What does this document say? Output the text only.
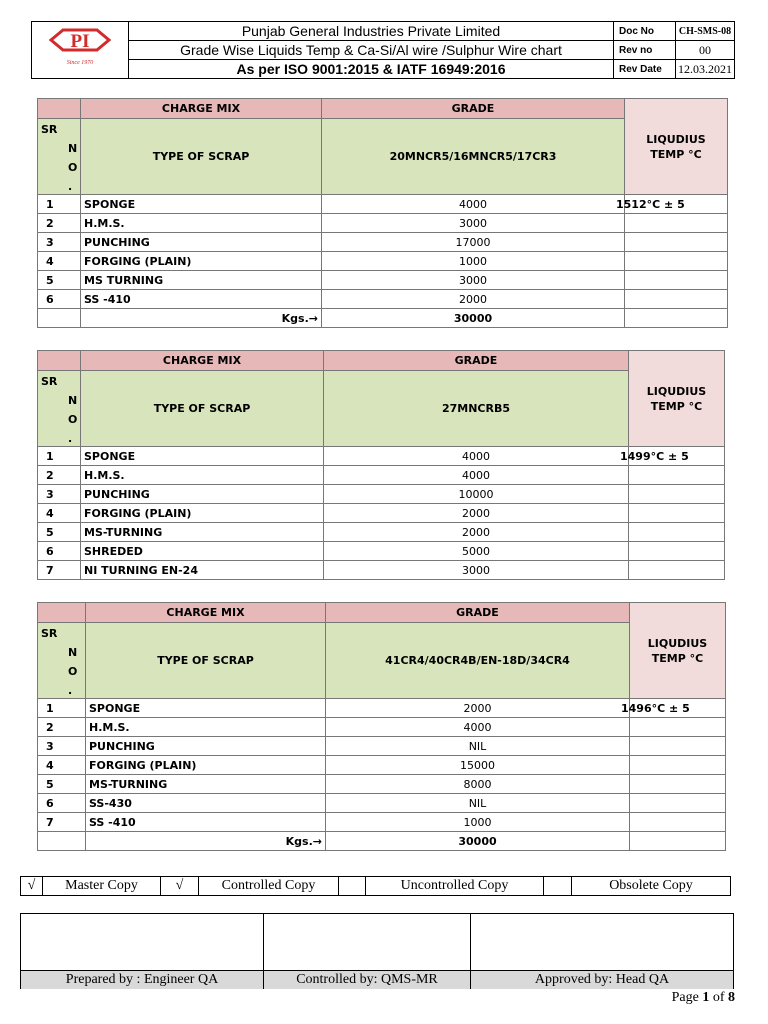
PI
Since 1970
Punjab General Industries Private Limited
Grade Wise Liquids Temp & Ca-Si/Al wire /Sulphur Wire chart
As per ISO 9001:2015 & IATF 16949:2016
Doc No	CH-SMS-08
Rev no	00
Rev Date	12.03.2021
	CHARGE MIX	GRADE	LIQUDIUS TEMP °C

SR
N
O
.	TYPE OF SCRAP	20MNCR5/16MNCR5/17CR3
1	SPONGE	4000	1512°C ± 5
2	H.M.S.	3000	
3	PUNCHING	17000	
4	FORGING (PLAIN)	1000	
5	MS TURNING	3000	
6	SS -410	2000	
	Kgs.→	30000	
	CHARGE MIX	GRADE	LIQUDIUS TEMP °C

SR
N
O
.	TYPE OF SCRAP	27MNCRB5
1	SPONGE	4000	1499°C ± 5
2	H.M.S.	4000	
3	PUNCHING	10000	
4	FORGING (PLAIN)	2000	
5	MS-TURNING	2000	
6	SHREDED	5000	
7	NI TURNING EN-24	3000	
	CHARGE MIX	GRADE	LIQUDIUS TEMP °C

SR
N
O
.	TYPE OF SCRAP	41CR4/40CR4B/EN-18D/34CR4
1	SPONGE	2000	1496°C ± 5
2	H.M.S.	4000	
3	PUNCHING	NIL	
4	FORGING (PLAIN)	15000	
5	MS-TURNING	8000	
6	SS-430	NIL	
7	SS -410	1000	
	Kgs.→	30000	
√	Master Copy	√	Controlled Copy	Uncontrolled Copy	Obsolete Copy
Prepared by : Engineer QA	Controlled by: QMS-MR	Approved by: Head QA
Page 1 of 8
